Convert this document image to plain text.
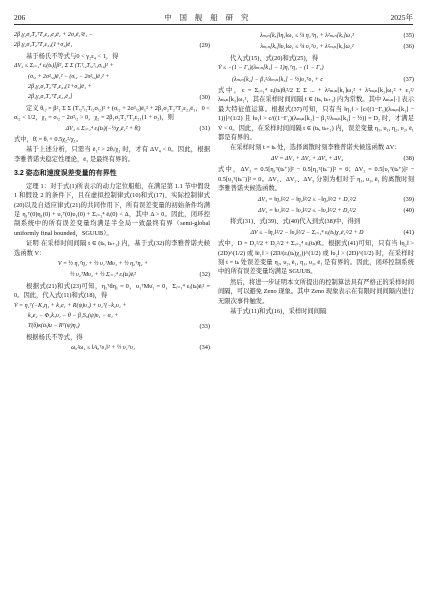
206	中 国 舰 船 研 究	2025年
2β₁γ₂σ₂T₂ᵀT₂ε₂₁e₄ē₁ + 2σ₂ē₁²ē₁ −
2β₁γ₂σ₂T₂ᵀT₂ε₂₁(1+σ₂)ē₁	(29)
基于杨氏不等式与0 < γ₂ε₄ < 1，得
ΔV₄ ≤ Σᵢ₌₁⁴ εᵢ(tₖ)[β²₁ Σ Σ (Tᵢᵀᵢ₂Tᵢ₂ᵀᵢ₂σᵢ₂)² +
(σᵢ₂ + 2σ²ᵢ₂)ē₁² − (σᵢ₂ − 2σ²ᵢ₂)ē₁² +
2β₁γ₂σ₂T₂ᵀT₂ε₂₁(1+σ₂)ē₁ +
2β₁γ₂σ₂T₂ᵀT₂ε₂₁ē₁]	(30)
定义 θᵢ₂ = β²₁ Σ Σ (Tᵢ₂ᵀᵢ₂Tᵢ₂σᵢ₂)² + (σᵢ₂ + 2σ²ᵢ₂)ē₁² + 2β₁σ₂T₂ᵀT₂ε₂₁ē₁，0 < σᵢ₂ < 1/2，χ₁ = σᵢ₂ − 2σ²ᵢ₂ > 0，χ₂ = 2β₁σ₂T₂ᵀT₂ε₂₁(1 + σ₂)，则
ΔV₄ ≤ Σᵢ₌₁⁴ εᵢ(tₖ)(−½χ₁ē₁² + θ̄ᵢ)	(31)
式中，θ̄ᵢ = θᵢ + 0.5χ₂²/χ₁。
基于上述分析，只需当 ē₁² > 2θᵢ/χ₁ 时，才有 ΔV₄ < 0。因此，根据李雅普诺夫稳定性理论，ē₁ 是最终有界的。
3.2 姿态和速度误差变量的有界性
定理 1：对于式(1)所表示的动力定位船舶，在满足第 1.1 节中假设 1 和假设 2 的条件下，且在虚拟控制律式(10)和式(17)、实际控制律式(20)以及自适应律式(21)的共同作用下，所有误差变量的初始条件均满足 η₁ᵀ(0)η₁(0) + υ₁ᵀ(0)υ₁(0) + Σᵢ₌₁⁴ ēᵢ(0) < Δ，其中 Δ > 0。因此，闭环控制系统中的所有误差变量均满足半全局一致最终有界（semi-global uniformly final bounded，SGUUB）。
证明 在采样时间间隔 t ∈ (tₖ, tₖ₊₁) 内，基于式(32)的李雅普诺夫候选函数 V：
V = ½ η₁ᵀη₁ + ½ υ₁ᵀMυ₁ + ½ η₂ᵀη₂ +
½ υ₂ᵀMυ₂ + ½ Σᵢ₌₁⁴ εᵢ(tₖ)ēᵢ²	(32)
根据式(21)和式(23)可知，η₁ᵀḋη₁ = 0，υ₁ᵀMυ̇₁ = 0，Σᵢ₌₁⁴ εᵢ(tₖ)ēᵢ² = 0。因此，代入式(11)和式(18)，得
V̇ = η₁ᵀ(−K₁η₁ + k₁e₁ + R(ψ)υ₁) + υ₁ᵀ(−k₂υ₁ +
k₂e₂ − Φ₂k₃υ₁ − θ − β₁S₀(ψ)υ₁ − α₁ +
T(δ)κ(tₖ)u − Rᵀ(ψ)η₁)	(33)
根据杨氏不等式，得
ω₀²ω₁ ≤ ‖A₀ᵀυ₁‖² + ½ υ₁ᵀυ₁	(34)
λₘᵢₙ[kₓ]‖η₁‖ω₁ ≤ ¼ η₁ᵀη₁ + λ²ₘᵢₙ[kₓ]ω₁²	(35)
λₘᵢₙ[kₓ]‖υ₁‖ω₁ ≤ ¼ υ₁ᵀυ₁ + λ²ₘᵢₙ[kₓ]ω₁²	(36)
代入式(15)、式(20)和式(25)，得
V̇ ≤ −(1 − Γ₁)(λₘᵢₙ[k₁] − 1)η₁ᵀη₁ − (1 − Γ₁)
(λₘᵢₙ[k₂] − β₁²/λₘᵢₙ[k₃] − ½)υ₁ᵀυ₁ + c	(37)
式中，c = Σᵢ₌₁⁴ εᵢ(tₖ)θᵢ²/2 Σ Σ ... + λ²ₘᵢₙ[k₁]ω₁² + λ²ₘᵢₙ[k₂]ω₁² + ε₁²/λₘᵢₙ[k₃]ω₁²，其在采样时间间隔 t ∈ (tₖ, tₖ₊₁) 内为常数。其中 λₘᵢₙ[·] 表示最大特征值运算。根据式(37)可知，只有当 ‖η₁‖ > [c/((1−Γ₁)(λₘᵢₙ[k₁] − 1))]^(1/2) 且 ‖υ₁‖ > c/((1−Γ₁)(λₘᵢₙ[k₂] − β₁²/λₘᵢₙ[k₃] − ½)) = D₂ 时，才满足 V̇ < 0。因此，在采样时间间隔 t ∈ (tₖ, tₖ₊₁) 内，误差变量 η₁, υ₁, η₂, υ₂, ē₁ 都是有界的。
在采样时刻 t = tₖ 处，选择离散时刻李雅普诺夫候选函数 ΔV：
ΔV = ΔV₁ + ΔV₂ + ΔV₃ + ΔV₄	(38)
式中，ΔV₁ = 0.5[η₁ᵀ(tₖ⁺)]² − 0.5[η₁ᵀ(tₖ⁻)]² = 0；ΔV₂ = 0.5[υ₁ᵀ(tₖ⁺)]² − 0.5[υ₁ᵀ(tₖ⁻)]² = 0。ΔV₁、ΔV₂、ΔV₃ 分别为相对于 η₁, υ₁, ē₁ 的离散时刻李雅普诺夫候选函数。
ΔV₃ = ‖η₁‖²/2 − ‖η₂‖²/2 ≤ −‖η₂‖²/2 + D₁²/2	(39)
ΔV₄ = ‖υ₁‖²/2 − ‖υ₂‖²/2 ≤ −‖υ₂‖²/2 + D₂²/2	(40)
将式(31)、式(39)、式(40)代入到式(38)中，得到
ΔV ≤ −‖η₂‖²/2 − ‖υ₂‖²/2 − Σᵢ₌₁⁴ εᵢ(tₖ)χ₁ē₁²/2 + D	(41)
式中，D = D₁²/2 + D₂²/2 + Σᵢ₌₁⁴ εᵢ(tₖ)θ̄ᵢ。根据式(41)可知，只有当 ‖η₂‖ > (2D)^(1/2) 或 ‖ē₁‖ > (2D/(εᵢ(tₖ)χ₁))^(1/2) 或 ‖υ₂‖ > (2D)^(1/2) 时，在采样时刻 t = tₖ 处误差变量 η₂, υ₂, ē₁, η₁, υ₁, ē₁ 是有界的。因此，闭环控制系统中的所有误差变量均满足 SGUUB。
然后，将进一步证明本文所提出的控制算法具有严格正的采样时间间隔，可以避免 Zeno 现象。其中 Zeno 现象表示在有限时间间隔内进行无限次事件触发。
基于式(11)和式(16)，采样时间间隔
